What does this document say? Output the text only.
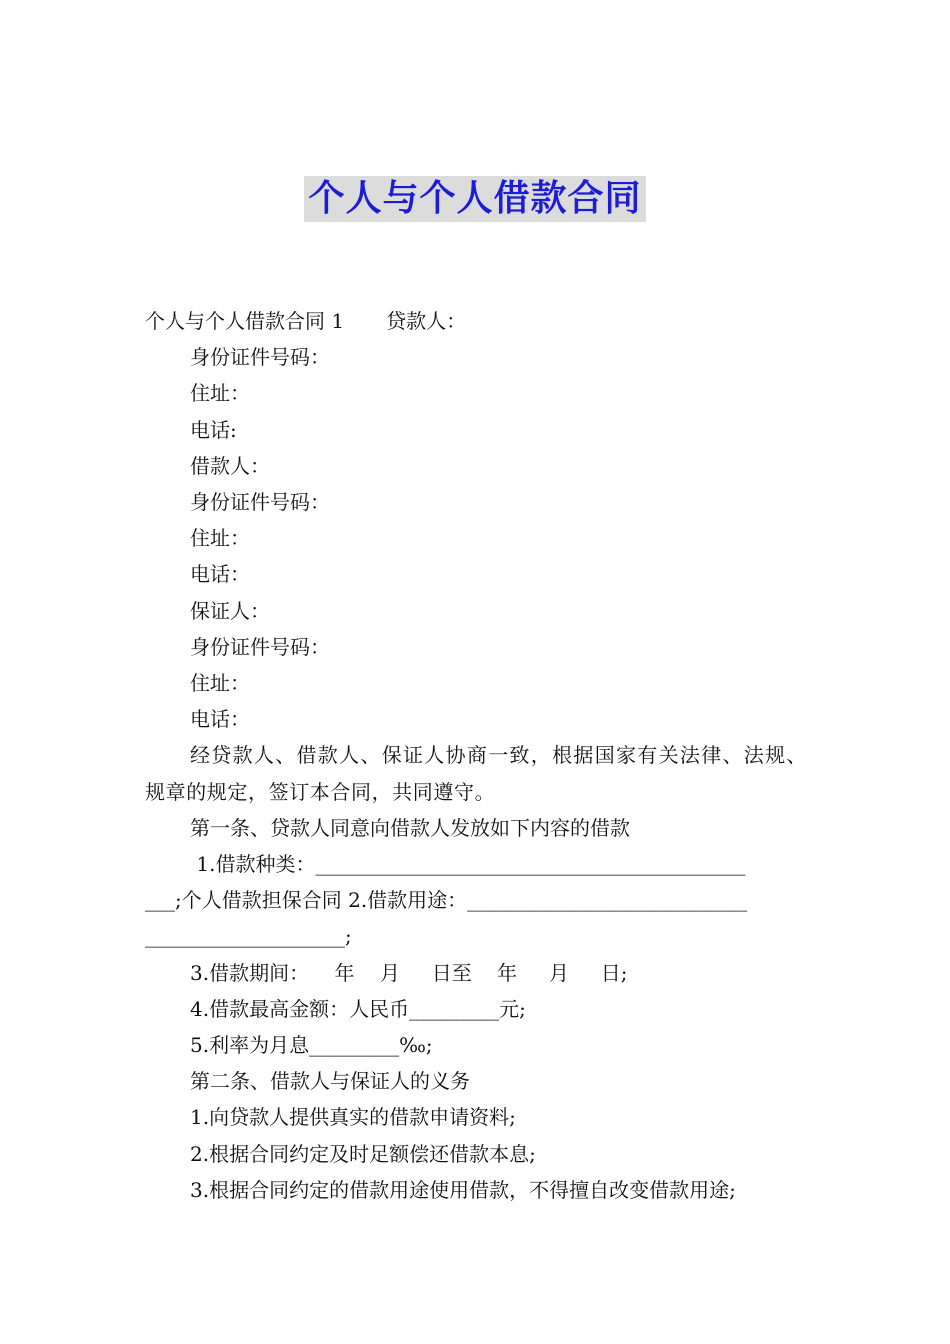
个人与个人借款合同

个人与个人借款合同 1 贷款人：

身份证件号码：

住址：

电话:

借款人：

身份证件号码：

住址：

电话：

保证人：

身份证件号码：

住址：

电话：

经贷款人、借款人、保证人协商一致，根据国家有关法律、法规、规章的规定，签订本合同，共同遵守。

第一条、贷款人同意向借款人发放如下内容的借款

1.借款种类：___________________________________________

___;个人借款担保合同 2.借款用途：____________________________

____________________;

3.借款期间：    年    月     日至    年     月     日;

4.借款最高金额：人民币_________元;

5.利率为月息_________‰;

第二条、借款人与保证人的义务

1.向贷款人提供真实的借款申请资料;

2.根据合同约定及时足额偿还借款本息;

3.根据合同约定的借款用途使用借款，不得擅自改变借款用途;
